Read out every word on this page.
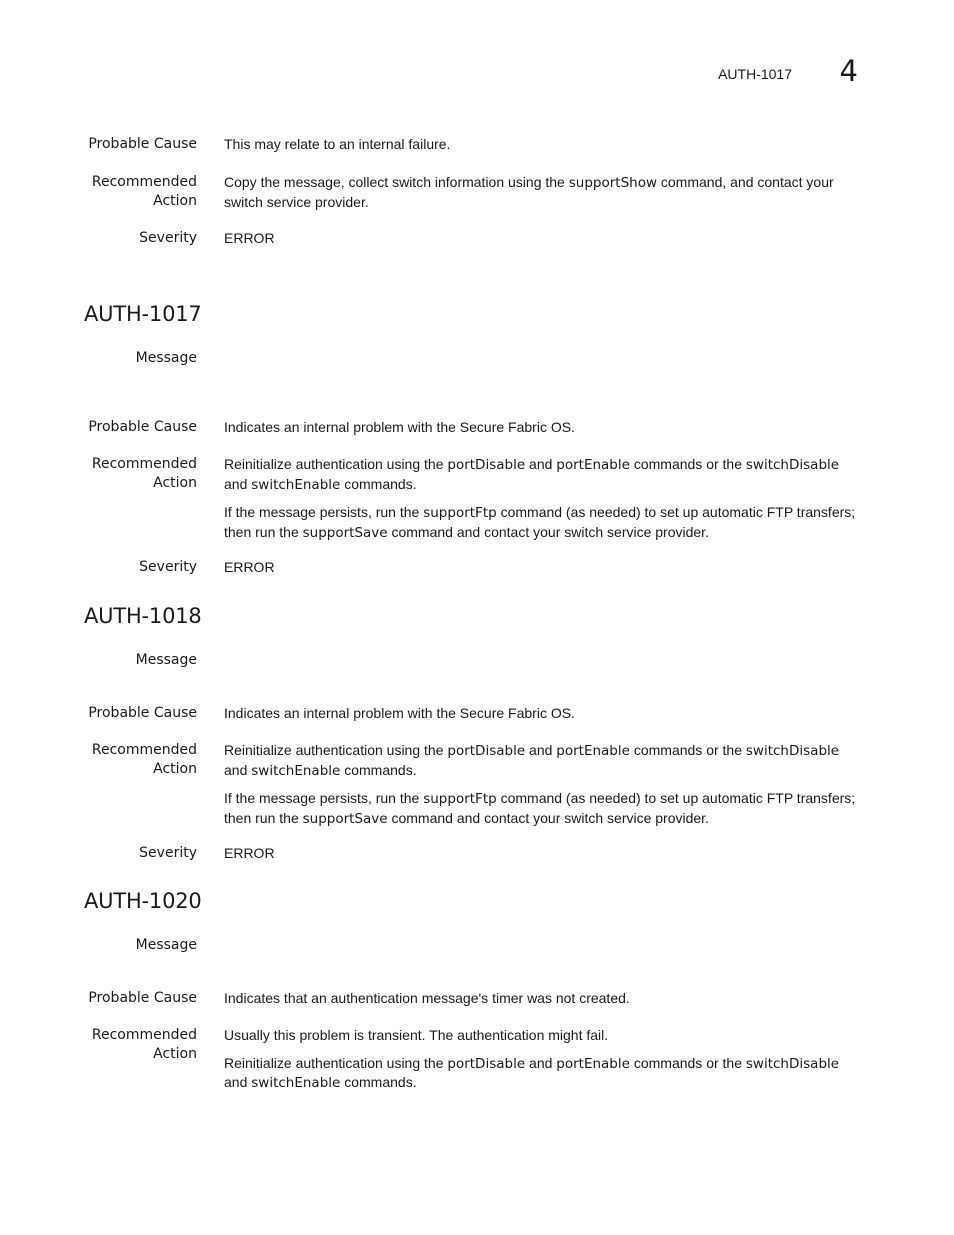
AUTH-1017 4
Probable Cause This may relate to an internal failure.
Recommended
Action

Copy the message, collect switch information using the supportShow command, and contact your switch service provider.

Severity ERROR
AUTH-1017
Message
Probable Cause Indicates an internal problem with the Secure Fabric OS.
Recommended
Action

Reinitialize authentication using the portDisable and portEnable commands or the switchDisable and switchEnable commands.

If the message persists, run the supportFtp command (as needed) to set up automatic FTP transfers; then run the supportSave command and contact your switch service provider.

Severity ERROR
AUTH-1018
Message
Probable Cause Indicates an internal problem with the Secure Fabric OS.
Recommended
Action

Reinitialize authentication using the portDisable and portEnable commands or the switchDisable and switchEnable commands.

If the message persists, run the supportFtp command (as needed) to set up automatic FTP transfers; then run the supportSave command and contact your switch service provider.

Severity ERROR
AUTH-1020
Message
Probable Cause Indicates that an authentication message's timer was not created.
Recommended
Action

Usually this problem is transient. The authentication might fail.

Reinitialize authentication using the portDisable and portEnable commands or the switchDisable and switchEnable commands.
